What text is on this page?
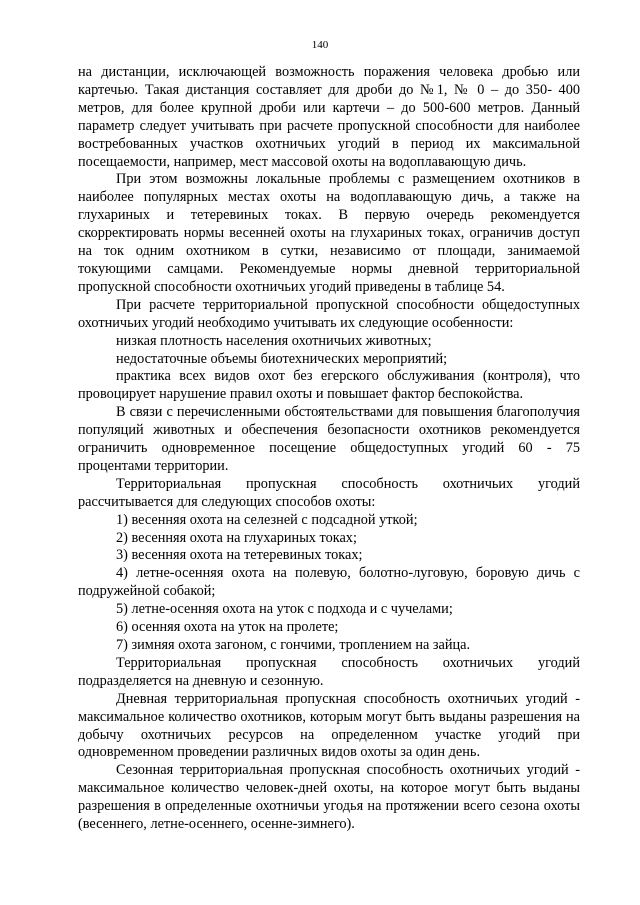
140

на дистанции, исключающей возможность поражения человека дробью или картечью. Такая дистанция составляет для дроби до №1, № 0 – до 350- 400 метров, для более крупной дроби или картечи – до 500-600 метров. Данный параметр следует учитывать при расчете пропускной способности для наиболее востребованных участков охотничьих угодий в период их максимальной посещаемости, например, мест массовой охоты на водоплавающую дичь.

При этом возможны локальные проблемы с размещением охотников в наиболее популярных местах охоты на водоплавающую дичь, а также на глухариных и тетеревиных токах. В первую очередь рекомендуется скорректировать нормы весенней охоты на глухариных токах, ограничив доступ на ток одним охотником в сутки, независимо от площади, занимаемой токующими самцами. Рекомендуемые нормы дневной территориальной пропускной способности охотничьих угодий приведены в таблице 54.

При расчете территориальной пропускной способности общедоступных охотничьих угодий необходимо учитывать их следующие особенности:

низкая плотность населения охотничьих животных;

недостаточные объемы биотехнических мероприятий;

практика всех видов охот без егерского обслуживания (контроля), что провоцирует нарушение правил охоты и повышает фактор беспокойства.

В связи с перечисленными обстоятельствами для повышения благополучия популяций животных и обеспечения безопасности охотников рекомендуется ограничить одновременное посещение общедоступных угодий 60 - 75 процентами территории.

Территориальная пропускная способность охотничьих угодий рассчитывается для следующих способов охоты:

1) весенняя охота на селезней с подсадной уткой;

2) весенняя охота на глухариных токах;

3) весенняя охота на тетеревиных токах;

4) летне-осенняя охота на полевую, болотно-луговую, боровую дичь с подружейной собакой;

5) летне-осенняя охота на уток с подхода и с чучелами;

6) осенняя охота на уток на пролете;

7) зимняя охота загоном, с гончими, троплением на зайца.

Территориальная пропускная способность охотничьих угодий подразделяется на дневную и сезонную.

Дневная территориальная пропускная способность охотничьих угодий - максимальное количество охотников, которым могут быть выданы разрешения на добычу охотничьих ресурсов на определенном участке угодий при одновременном проведении различных видов охоты за один день.

Сезонная территориальная пропускная способность охотничьих угодий - максимальное количество человек-дней охоты, на которое могут быть выданы разрешения в определенные охотничьи угодья на протяжении всего сезона охоты (весеннего, летне-осеннего, осенне-зимнего).
